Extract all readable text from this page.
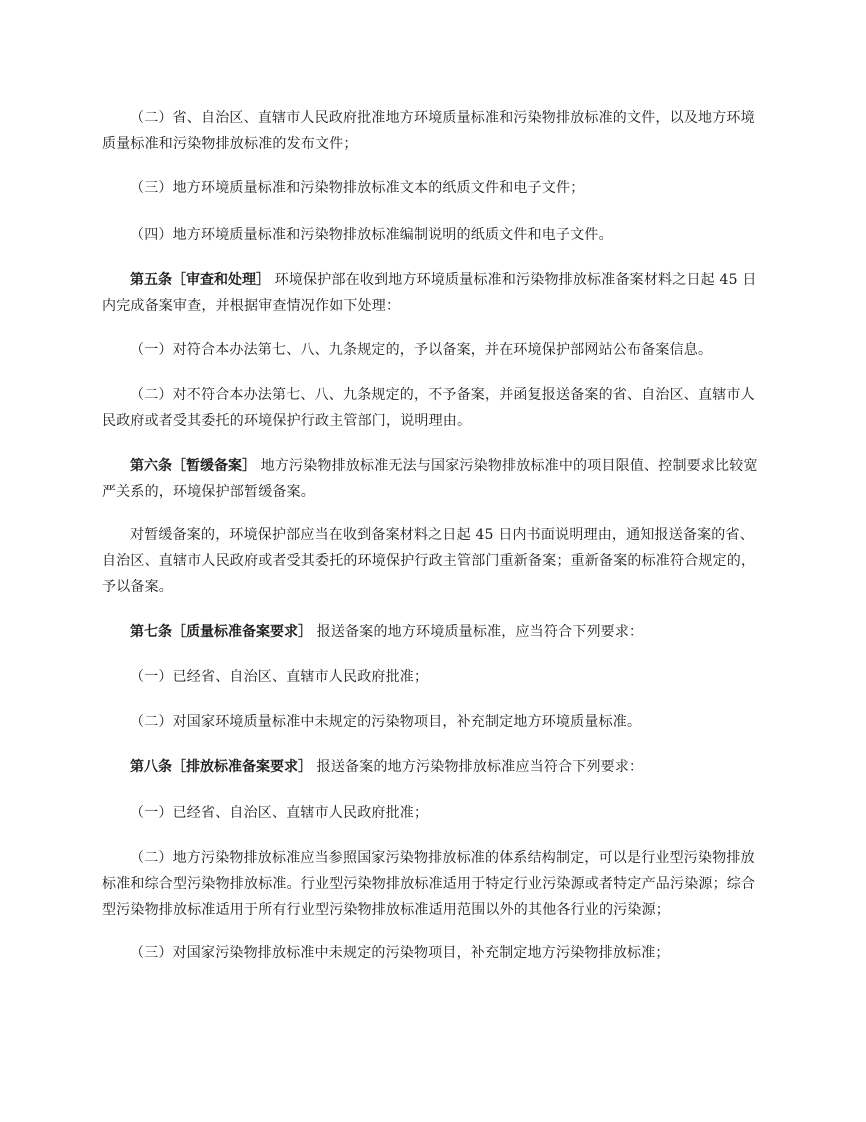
（二）省、自治区、直辖市人民政府批准地方环境质量标准和污染物排放标准的文件，以及地方环境质量标准和污染物排放标准的发布文件；

（三）地方环境质量标准和污染物排放标准文本的纸质文件和电子文件；

（四）地方环境质量标准和污染物排放标准编制说明的纸质文件和电子文件。

第五条［审查和处理］ 环境保护部在收到地方环境质量标准和污染物排放标准备案材料之日起 45 日内完成备案审查，并根据审查情况作如下处理：

（一）对符合本办法第七、八、九条规定的，予以备案，并在环境保护部网站公布备案信息。

（二）对不符合本办法第七、八、九条规定的，不予备案，并函复报送备案的省、自治区、直辖市人民政府或者受其委托的环境保护行政主管部门，说明理由。

第六条［暂缓备案］ 地方污染物排放标准无法与国家污染物排放标准中的项目限值、控制要求比较宽严关系的，环境保护部暂缓备案。

对暂缓备案的，环境保护部应当在收到备案材料之日起 45 日内书面说明理由，通知报送备案的省、自治区、直辖市人民政府或者受其委托的环境保护行政主管部门重新备案；重新备案的标准符合规定的，予以备案。

第七条［质量标准备案要求］ 报送备案的地方环境质量标准，应当符合下列要求：

（一）已经省、自治区、直辖市人民政府批准；

（二）对国家环境质量标准中未规定的污染物项目，补充制定地方环境质量标准。

第八条［排放标准备案要求］ 报送备案的地方污染物排放标准应当符合下列要求：

（一）已经省、自治区、直辖市人民政府批准；

（二）地方污染物排放标准应当参照国家污染物排放标准的体系结构制定，可以是行业型污染物排放标准和综合型污染物排放标准。行业型污染物排放标准适用于特定行业污染源或者特定产品污染源；综合型污染物排放标准适用于所有行业型污染物排放标准适用范围以外的其他各行业的污染源；

（三）对国家污染物排放标准中未规定的污染物项目，补充制定地方污染物排放标准；
